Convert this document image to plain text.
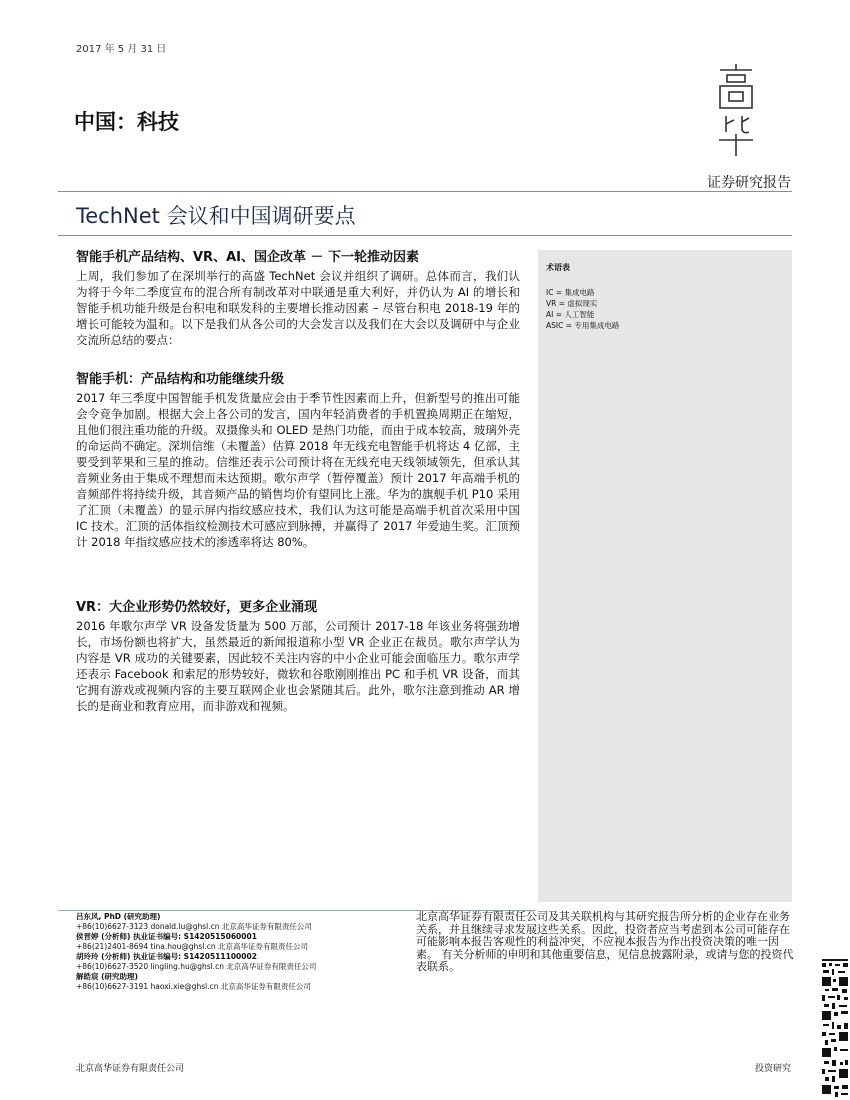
2017 年 5 月 31 日
中国：科技
证券研究报告
TechNet 会议和中国调研要点
术语表
IC = 集成电路
VR = 虚拟现实
AI = 人工智能
ASIC = 专用集成电路
智能手机产品结构、VR、AI、国企改革 － 下一轮推动因素
上周，我们参加了在深圳举行的高盛 TechNet 会议并组织了调研。总体而言，我们认为将于今年二季度宣布的混合所有制改革对中联通是重大利好，并仍认为 AI 的增长和智能手机功能升级是台积电和联发科的主要增长推动因素 – 尽管台积电 2018-19 年的增长可能较为温和。以下是我们从各公司的大会发言以及我们在大会以及调研中与企业交流所总结的要点：
智能手机：产品结构和功能继续升级
2017 年三季度中国智能手机发货量应会由于季节性因素而上升，但新型号的推出可能会令竞争加剧。根据大会上各公司的发言，国内年轻消费者的手机置换周期正在缩短，且他们很注重功能的升级。双摄像头和 OLED 是热门功能，而由于成本较高，玻璃外壳的命运尚不确定。深圳信维（未覆盖）估算 2018 年无线充电智能手机将达 4 亿部，主要受到苹果和三星的推动。信维还表示公司预计将在无线充电天线领域领先，但承认其音频业务由于集成不理想而未达预期。歌尔声学（暂停覆盖）预计 2017 年高端手机的音频部件将持续升级，其音频产品的销售均价有望同比上涨。华为的旗舰手机 P10 采用了汇顶（未覆盖）的显示屏内指纹感应技术，我们认为这可能是高端手机首次采用中国 IC 技术。汇顶的活体指纹检测技术可感应到脉搏，并赢得了 2017 年爱迪生奖。汇顶预计 2018 年指纹感应技术的渗透率将达 80%。
VR：大企业形势仍然较好，更多企业涌现
2016 年歌尔声学 VR 设备发货量为 500 万部，公司预计 2017-18 年该业务将强劲增长，市场份额也将扩大，虽然最近的新闻报道称小型 VR 企业正在裁员。歌尔声学认为内容是 VR 成功的关键要素，因此较不关注内容的中小企业可能会面临压力。歌尔声学还表示 Facebook 和索尼的形势较好，微软和谷歌刚刚推出 PC 和手机 VR 设备，而其它拥有游戏或视频内容的主要互联网企业也会紧随其后。此外，歌尔注意到推动 AR 增长的是商业和教育应用，而非游戏和视频。
吕东风, PhD (研究助理)
+86(10)6627-3123 donald.lu@ghsl.cn 北京高华证券有限责任公司
侯晋婷 (分析师) 执业证书编号: S1420515060001
+86(21)2401-8694 tina.hou@ghsl.cn 北京高华证券有限责任公司
胡玲玲 (分析师) 执业证书编号: S1420511100002
+86(10)6627-3520 lingling.hu@ghsl.cn 北京高华证券有限责任公司
解皓宸 (研究助理)
+86(10)6627-3191 haoxi.xie@ghsl.cn 北京高华证券有限责任公司
北京高华证券有限责任公司及其关联机构与其研究报告所分析的企业存在业务关系，并且继续寻求发展这些关系。因此，投资者应当考虑到本公司可能存在可能影响本报告客观性的利益冲突，不应视本报告为作出投资决策的唯一因素。 有关分析师的申明和其他重要信息，见信息披露附录，或请与您的投资代表联系。
北京高华证券有限责任公司	投资研究
